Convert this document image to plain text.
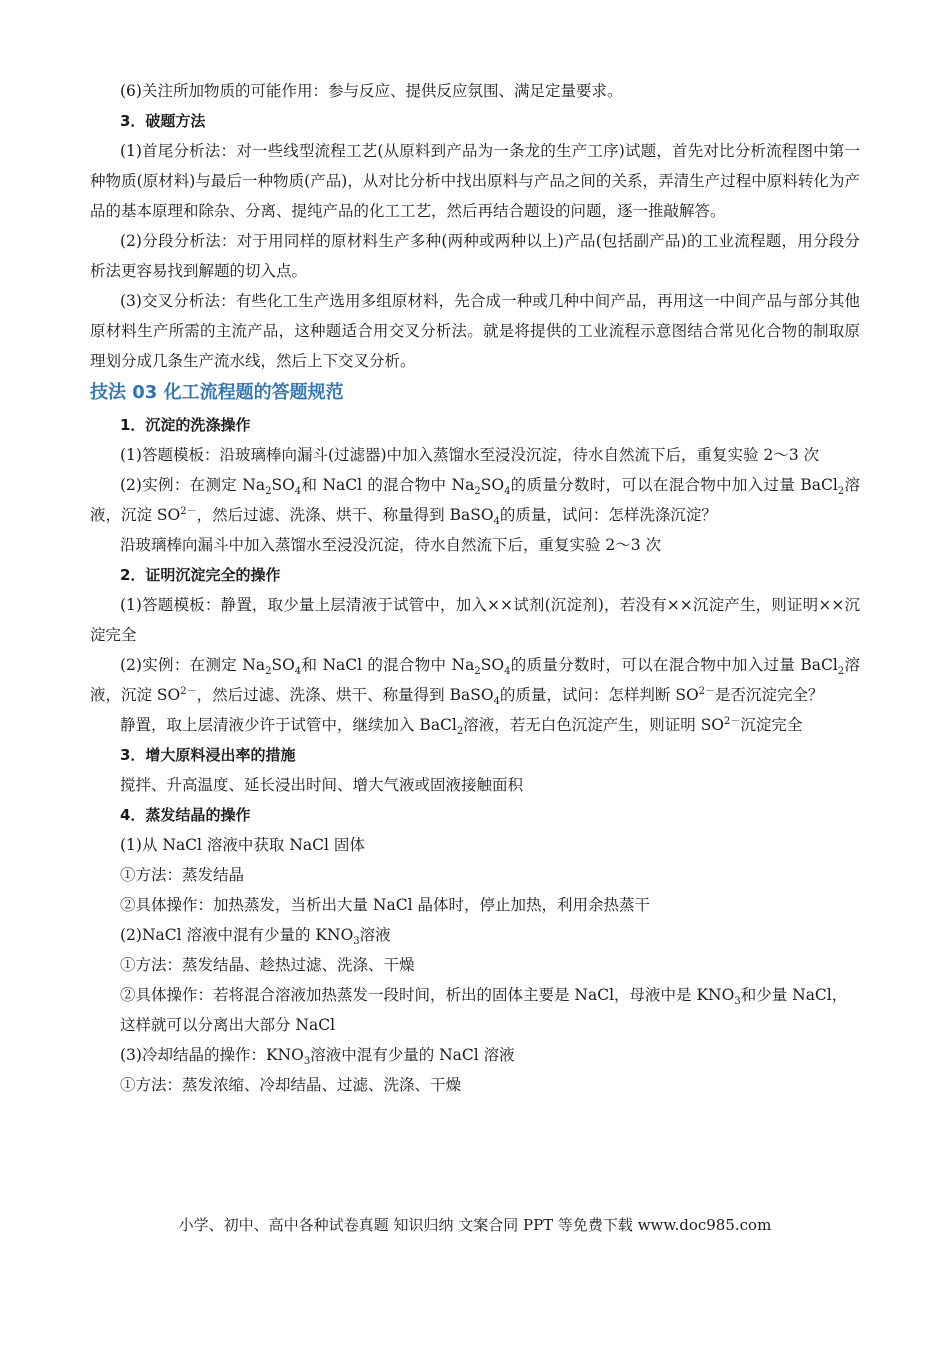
(6)关注所加物质的可能作用：参与反应、提供反应氛围、满足定量要求。

3．破题方法

(1)首尾分析法：对一些线型流程工艺(从原料到产品为一条龙的生产工序)试题，首先对比分析流程图中第一种物质(原材料)与最后一种物质(产品)，从对比分析中找出原料与产品之间的关系，弄清生产过程中原料转化为产品的基本原理和除杂、分离、提纯产品的化工工艺，然后再结合题设的问题，逐一推敲解答。

(2)分段分析法：对于用同样的原材料生产多种(两种或两种以上)产品(包括副产品)的工业流程题，用分段分析法更容易找到解题的切入点。

(3)交叉分析法：有些化工生产选用多组原材料，先合成一种或几种中间产品，再用这一中间产品与部分其他原材料生产所需的主流产品，这种题适合用交叉分析法。就是将提供的工业流程示意图结合常见化合物的制取原理划分成几条生产流水线，然后上下交叉分析。

技法 03 化工流程题的答题规范

1．沉淀的洗涤操作

(1)答题模板：沿玻璃棒向漏斗(过滤器)中加入蒸馏水至浸没沉淀，待水自然流下后，重复实验 2～3 次

(2)实例：在测定 $Na_2SO_4$和 NaCl 的混合物中 $Na_2SO_4$的质量分数时，可以在混合物中加入过量 BaCl$_2$溶液，沉淀 $SO^{2-}$，然后过滤、洗涤、烘干、称量得到 BaSO$_4$的质量，试问：怎样洗涤沉淀？

沿玻璃棒向漏斗中加入蒸馏水至浸没沉淀，待水自然流下后，重复实验 2～3 次

2．证明沉淀完全的操作

(1)答题模板：静置，取少量上层清液于试管中，加入××试剂(沉淀剂)，若没有××沉淀产生，则证明××沉淀完全

(2)实例：在测定 $Na_2SO_4$和 NaCl 的混合物中 $Na_2SO_4$的质量分数时，可以在混合物中加入过量 BaCl$_2$溶液，沉淀 $SO^{2-}$，然后过滤、洗涤、烘干、称量得到 BaSO$_4$的质量，试问：怎样判断 $SO^{2-}$是否沉淀完全？

静置，取上层清液少许于试管中，继续加入 BaCl$_2$溶液，若无白色沉淀产生，则证明 $SO^{2-}$沉淀完全

3．增大原料浸出率的措施

搅拌、升高温度、延长浸出时间、增大气液或固液接触面积

4．蒸发结晶的操作

(1)从 NaCl 溶液中获取 NaCl 固体

①方法：蒸发结晶

②具体操作：加热蒸发，当析出大量 NaCl 晶体时，停止加热，利用余热蒸干

(2)NaCl 溶液中混有少量的 $KNO_3$溶液

①方法：蒸发结晶、趁热过滤、洗涤、干燥

②具体操作：若将混合溶液加热蒸发一段时间，析出的固体主要是 NaCl，母液中是 $KNO_3$和少量 NaCl，

这样就可以分离出大部分 NaCl

(3)冷却结晶的操作：$KNO_3$溶液中混有少量的 NaCl 溶液

①方法：蒸发浓缩、冷却结晶、过滤、洗涤、干燥

小学、初中、高中各种试卷真题 知识归纳 文案合同 PPT 等免费下载 www.doc985.com
